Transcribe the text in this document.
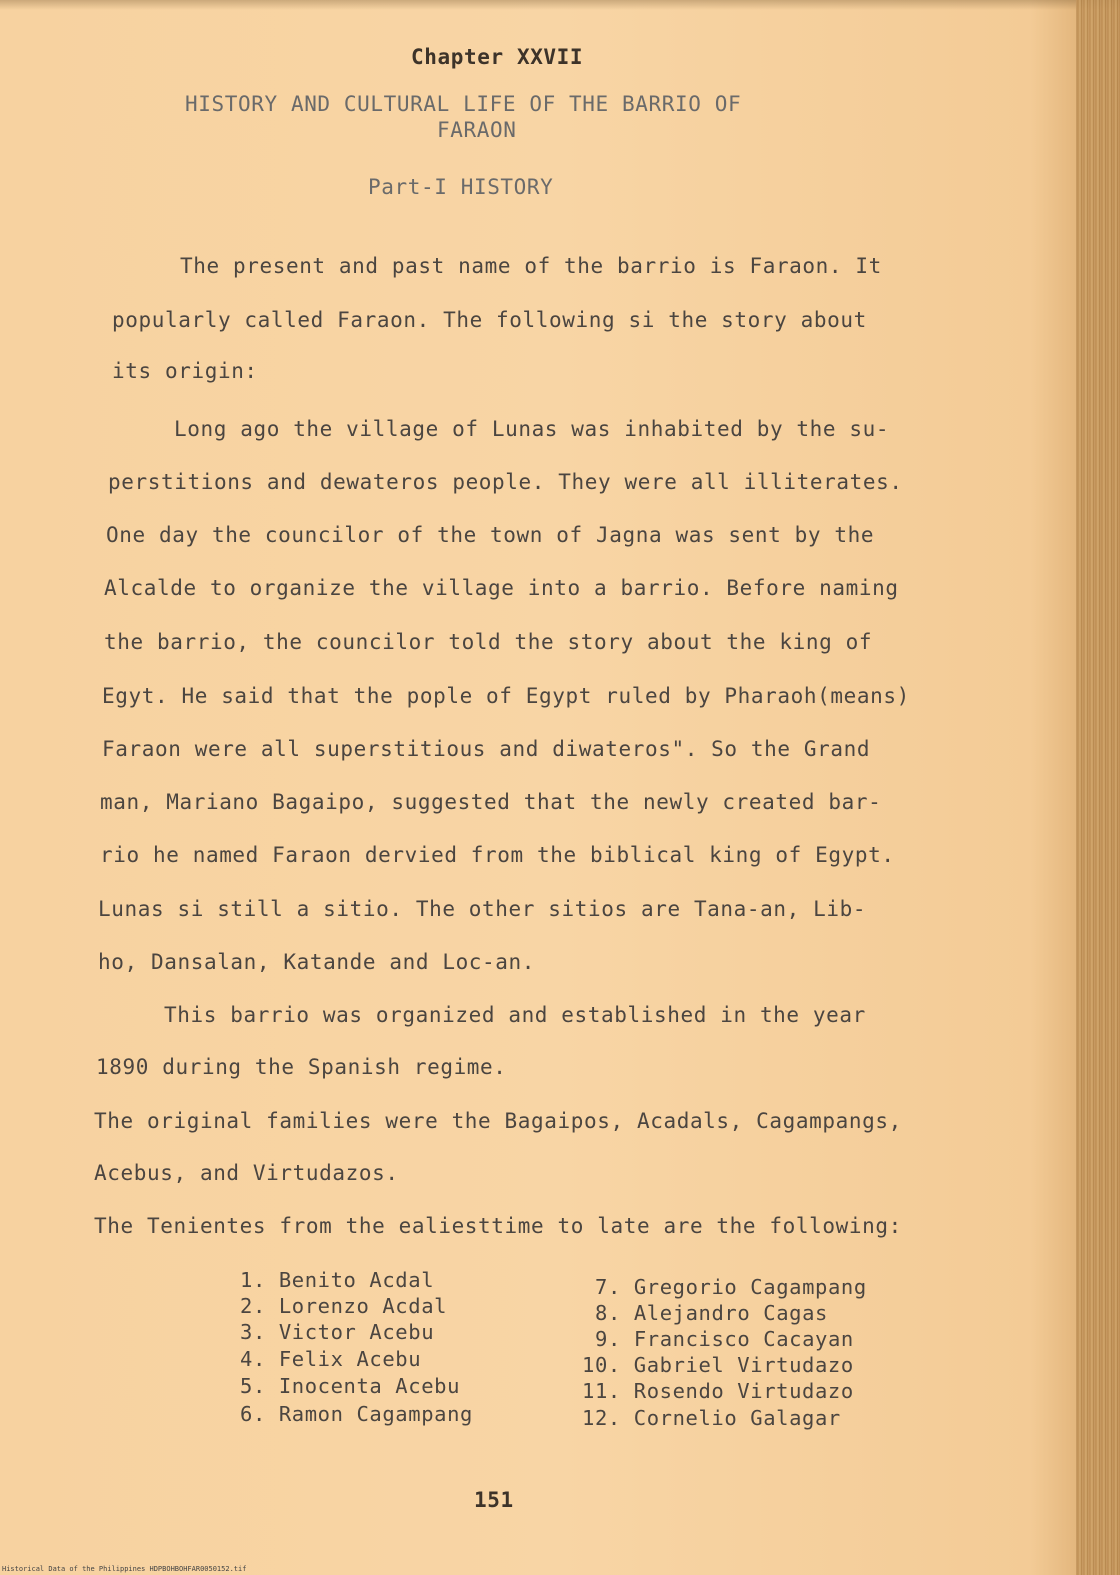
Chapter XXVII
HISTORY AND CULTURAL LIFE OF THE BARRIO OF
FARAON
Part-I HISTORY
The present and past name of the barrio is Faraon. It
popularly called Faraon. The following si the story about
its origin:
Long ago the village of Lunas was inhabited by the su-
perstitions and dewateros people. They were all illiterates.
One day the councilor of the town of Jagna was sent by the
Alcalde to organize the village into a barrio. Before naming
the barrio, the councilor told the story about the king of
Egyt. He said that the pople of Egypt ruled by Pharaoh(means)
Faraon were all superstitious and diwateros". So the Grand
man, Mariano Bagaipo, suggested that the newly created bar-
rio he named Faraon dervied from the biblical king of Egypt.
Lunas si still a sitio. The other sitios are Tana-an, Lib-
ho, Dansalan, Katande and Loc-an.
This barrio was organized and established in the year
1890 during the Spanish regime.
The original families were the Bagaipos, Acadals, Cagampangs,
Acebus, and Virtudazos.
The Tenientes from the ealiesttime to late are the following:
1. Benito Acdal
2. Lorenzo Acdal
3. Victor Acebu
4. Felix Acebu
5. Inocenta Acebu
6. Ramon Cagampang
7. Gregorio Cagampang
8. Alejandro Cagas
9. Francisco Cacayan
10. Gabriel Virtudazo
11. Rosendo Virtudazo
12. Cornelio Galagar
151
Historical Data of the Philippines HDPBOHBOHFAR0050152.tif
